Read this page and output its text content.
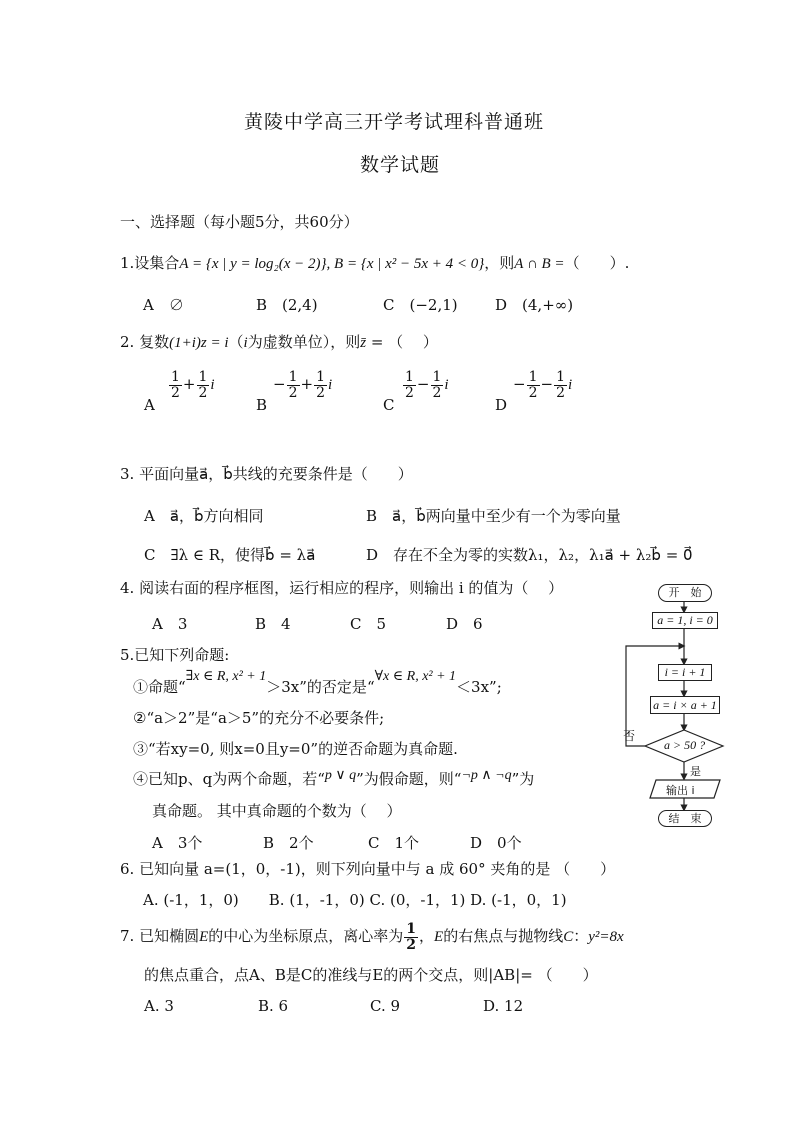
黄陵中学高三开学考试理科普通班
数学试题
一、选择题（每小题5分，共60分）
1.设集合A = {x | y = log₂(x − 2)}, B = {x | x² − 5x + 4 < 0}，则A ∩ B =（　　）.
A　∅	B　(2,4)	C　(−2,1) D　(4,+∞)
2. 复数(1+i)z = i（i为虚数单位），则z̄ = （　 ）
A
$\frac{1}{2} + \frac{1}{2}$ i
B
− $\frac{1}{2} + \frac{1}{2}$ i
C
$\frac{1}{2} - \frac{1}{2}$ i
D
− $\frac{1}{2} - \frac{1}{2}$ i
3. 平面向量a⃗，b⃗共线的充要条件是（　　）
A　a⃗，b⃗方向相同	B　a⃗，b⃗两向量中至少有一个为零向量
C　∃λ ∈ R，使得b⃗ = λa⃗	D　存在不全为零的实数λ₁，λ₂，λ₁a⃗ + λ₂b⃗ = 0⃗
4. 阅读右面的程序框图，运行相应的程序，则输出 i 的值为（　 ）
A　3	B　4	C　5	D　6
5.已知下列命题:
①命题“∃x ∈ R, x² + 1＞3x”的否定是“∀x ∈ R, x² + 1＜3x”;
②“a＞2”是“a＞5”的充分不必要条件;
③“若xy=0, 则x=0且y=0”的逆否命题为真命题.
④已知p、q为两个命题，若“p ∨ q”为假命题，则“¬p ∧ ¬q”为
真命题。 其中真命题的个数为（　 ）
A　3个	B　2个	C　1个	D　0个
6. 已知向量 a=(1，0，-1)，则下列向量中与 a 成 60° 夹角的是 （　　）
A. (-1，1，0)　　B. (1，-1，0) C. (0，-1，1) D. (-1，0，1)
7. 已知椭圆E的中心为坐标原点，离心率为 $\frac{1}{2}$ ，E的右焦点与抛物线C：y²=8x
的焦点重合，点A、B是C的准线与E的两个交点，则|AB|= （　　）
A. 3	B. 6	C. 9	D. 12
开　始
a = 1, i = 0
i = i + 1
a = i × a + 1
a > 50 ?
是
否
输出 i
结　束
